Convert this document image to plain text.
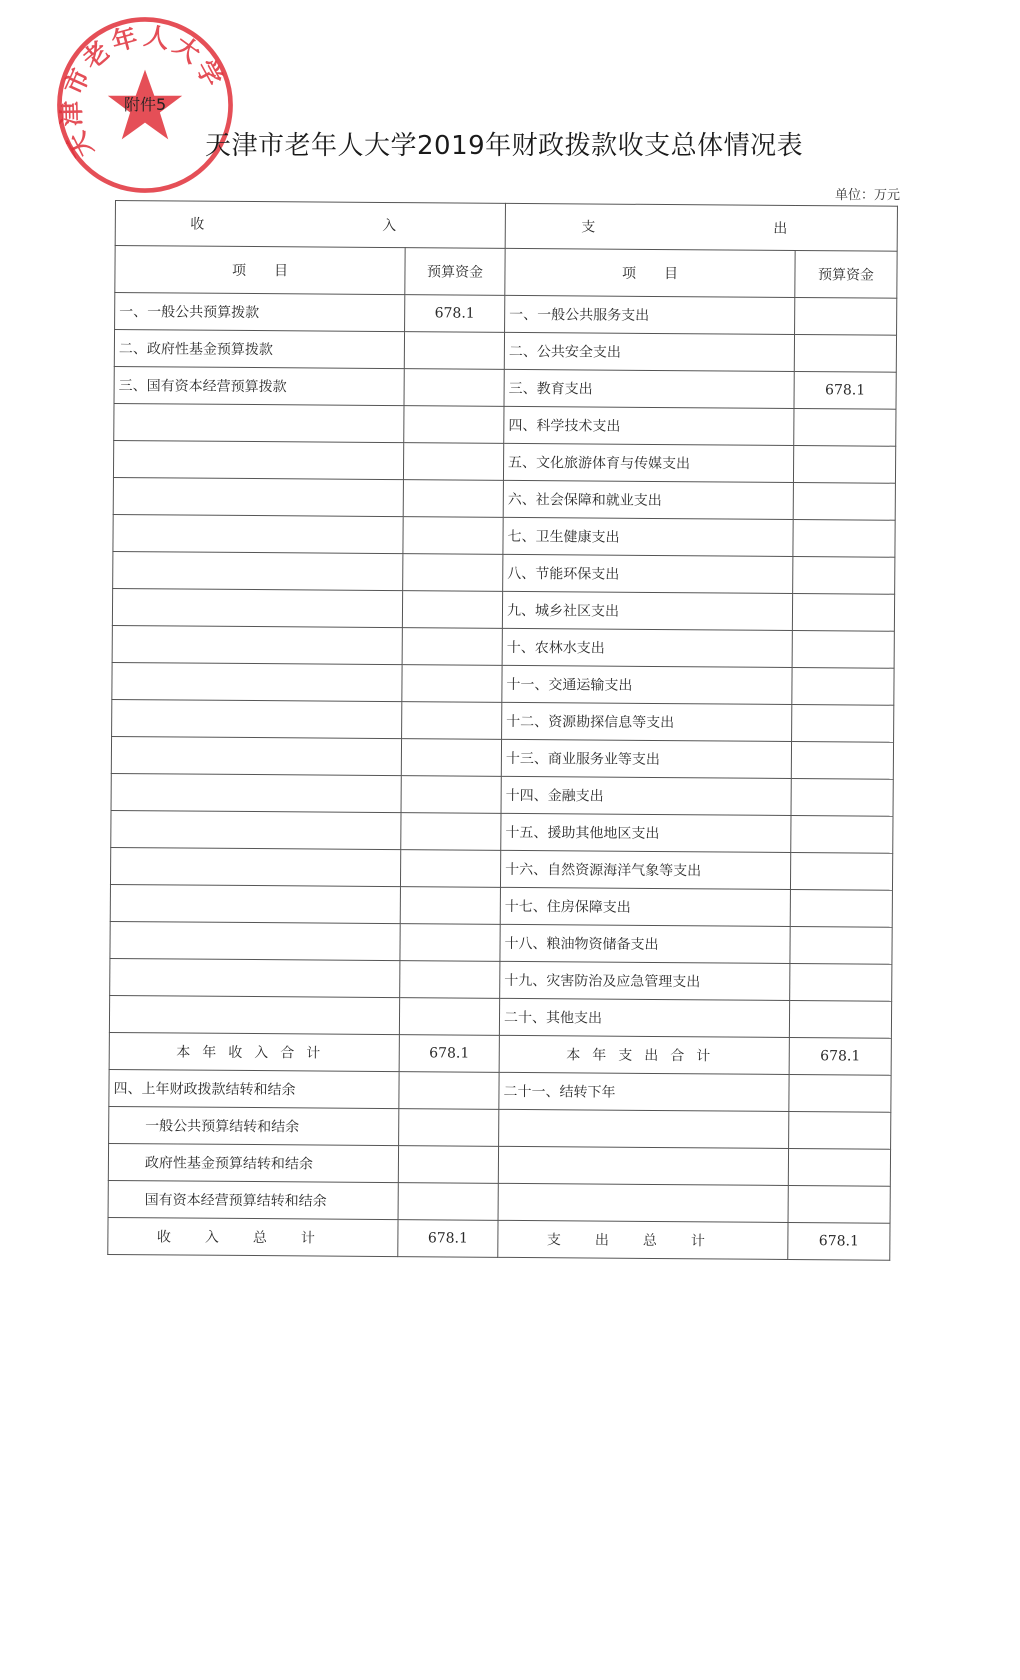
天津市老年人大学
附件5
天津市老年人大学2019年财政拨款收支总体情况表
单位：万元
收　　　入		支　　　出	
项　　目	预算资金	项　　目	预算资金
一、一般公共预算拨款	678.1	一、一般公共服务支出	
二、政府性基金预算拨款		二、公共安全支出	
三、国有资本经营预算拨款		三、教育支出	678.1
		四、科学技术支出	
		五、文化旅游体育与传媒支出	
		六、社会保障和就业支出	
		七、卫生健康支出	
		八、节能环保支出	
		九、城乡社区支出	
		十、农林水支出	
		十一、交通运输支出	
		十二、资源勘探信息等支出	
		十三、商业服务业等支出	
		十四、金融支出	
		十五、援助其他地区支出	
		十六、自然资源海洋气象等支出	
		十七、住房保障支出	
		十八、粮油物资储备支出	
		十九、灾害防治及应急管理支出	
		二十、其他支出	
本年收入合计	678.1	本年支出合计	678.1
四、上年财政拨款结转和结余		二十一、结转下年	
一般公共预算结转和结余			
政府性基金预算结转和结余			
国有资本经营预算结转和结余			
收入总计	678.1	支出总计	678.1
